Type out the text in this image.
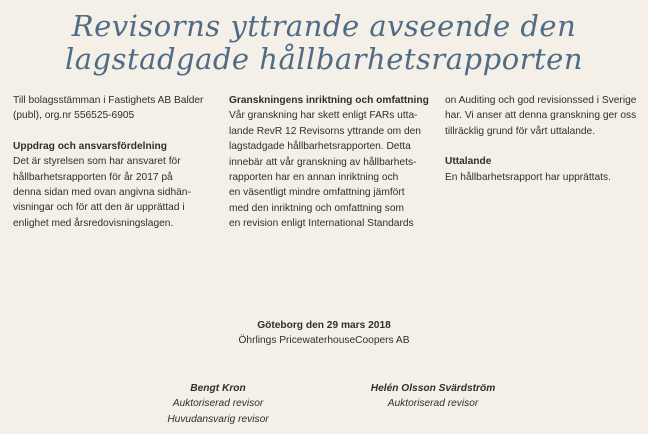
Revisorns yttrande avseende den
lagstadgade hållbarhetsrapporten

Till bolagsstämman i Fastighets AB Balder

(publ), org.nr 556525-6905

Uppdrag och ansvarsfördelning

Det är styrelsen som har ansvaret för

hållbarhetsrapporten för år 2017 på

denna sidan med ovan angivna sidhän-

visningar och för att den är upprättad i

enlighet med årsredovisningslagen.

Granskningens inriktning och omfattning

Vår granskning har skett enligt FARs utta-

lande RevR 12 Revisorns yttrande om den

lagstadgade hållbarhetsrapporten. Detta

innebär att vår granskning av hållbarhets-

rapporten har en annan inriktning och

en väsentligt mindre omfattning jämfört

med den inriktning och omfattning som

en revision enligt International Standards

on Auditing och god revisionssed i Sverige

har. Vi anser att denna granskning ger oss

tillräcklig grund för vårt uttalande.

Uttalande

En hållbarhetsrapport har upprättats.

Göteborg den 29 mars 2018
Öhrlings PricewaterhouseCoopers AB
Bengt Kron
Auktoriserad revisor
Huvudansvarig revisor
Helén Olsson Svärdström
Auktoriserad revisor
